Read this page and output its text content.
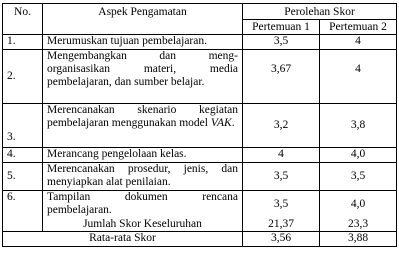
No.	Aspek Pengamatan	Perolehan Skor	
		Pertemuan 1	Pertemuan 2
1.	Merumuskan tujuan pembelajaran.	3,5	4
2.	Mengembangkan dan meng-organisasikan materi, media pembelajaran, dan sumber belajar.	3,67	4
3.	Merencanakan skenario kegiatan pembelajaran menggunakan model VAK.	3,2	3,8
4.	Merancang pengelolaan kelas.	4	4,0
5.	Merencanakan prosedur, jenis, dan menyiapkan alat penilaian.	3,5	3,5
6.	Tampilan dokumen rencana pembelajaran.	3,5	4,0
	Jumlah Skor Keseluruhan	21,37	23,3
Rata-rata Skor		3,56	3,88
